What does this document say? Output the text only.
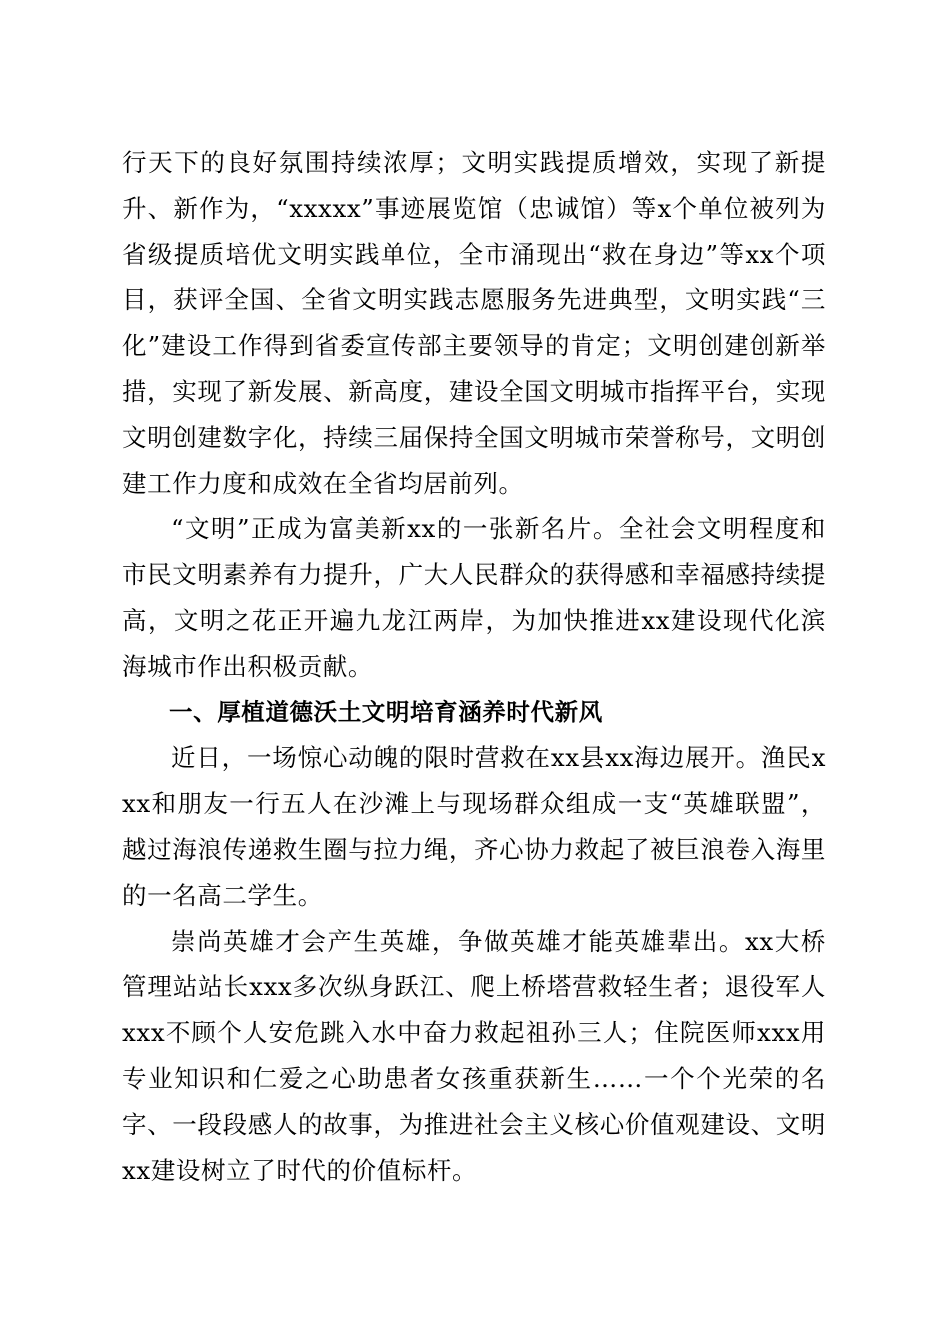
行天下的良好氛围持续浓厚；文明实践提质增效，实现了新提升、新作为，“xxxxx”事迹展览馆（忠诚馆）等x个单位被列为省级提质培优文明实践单位，全市涌现出“救在身边”等xx个项目，获评全国、全省文明实践志愿服务先进典型，文明实践“三化”建设工作得到省委宣传部主要领导的肯定；文明创建创新举措，实现了新发展、新高度，建设全国文明城市指挥平台，实现文明创建数字化，持续三届保持全国文明城市荣誉称号，文明创建工作力度和成效在全省均居前列。

“文明”正成为富美新xx的一张新名片。全社会文明程度和市民文明素养有力提升，广大人民群众的获得感和幸福感持续提高，文明之花正开遍九龙江两岸，为加快推进xx建设现代化滨海城市作出积极贡献。

一、厚植道德沃土文明培育涵养时代新风

近日，一场惊心动魄的限时营救在xx县xx海边展开。渔民xxx和朋友一行五人在沙滩上与现场群众组成一支“英雄联盟”，越过海浪传递救生圈与拉力绳，齐心协力救起了被巨浪卷入海里的一名高二学生。

崇尚英雄才会产生英雄，争做英雄才能英雄辈出。xx大桥管理站站长xxx多次纵身跃江、爬上桥塔营救轻生者；退役军人xxx不顾个人安危跳入水中奋力救起祖孙三人；住院医师xxx用专业知识和仁爱之心助患者女孩重获新生……一个个光荣的名字、一段段感人的故事，为推进社会主义核心价值观建设、文明xx建设树立了时代的价值标杆。
